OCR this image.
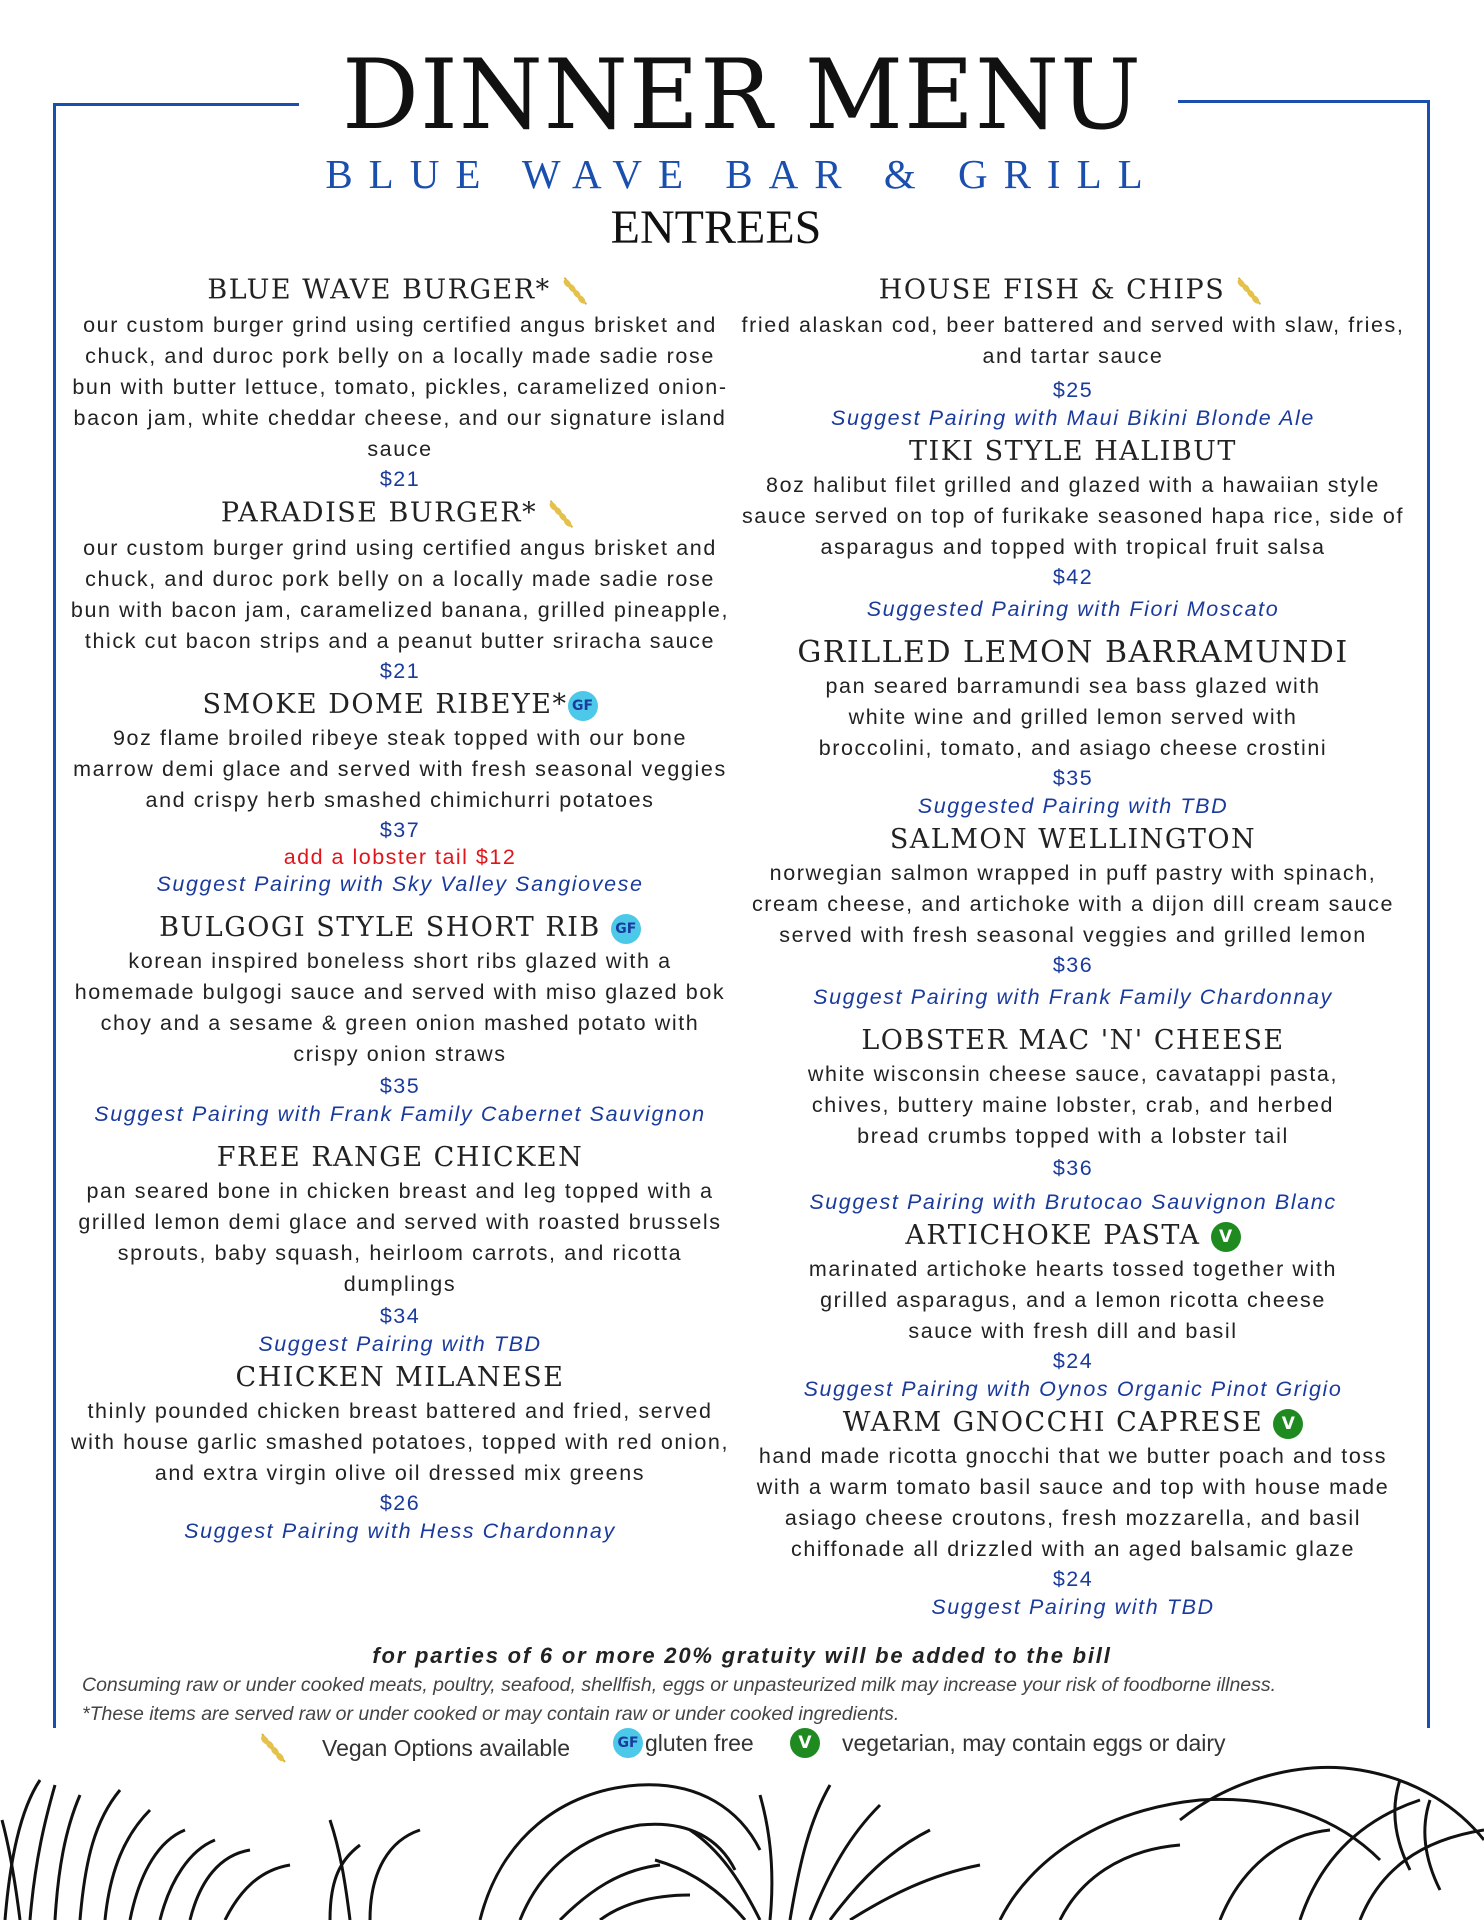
DINNER MENU
BLUE WAVE BAR & GRILL
ENTREES
BLUE WAVE BURGER*
our custom burger grind using certified angus brisket and chuck, and duroc pork belly on a locally made sadie rose bun with butter lettuce, tomato, pickles, caramelized onion-bacon jam, white cheddar cheese, and our signature island sauce
$21
PARADISE BURGER*
our custom burger grind using certified angus brisket and chuck, and duroc pork belly on a locally made sadie rose bun with bacon jam, caramelized banana, grilled pineapple, thick cut bacon strips and a peanut butter sriracha sauce
$21
SMOKE DOME RIBEYE* GF
9oz flame broiled ribeye steak topped with our bone marrow demi glace and served with fresh seasonal veggies and crispy herb smashed chimichurri potatoes
$37
add a lobster tail $12
Suggest Pairing with Sky Valley Sangiovese
BULGOGI STYLE SHORT RIB GF
korean inspired boneless short ribs glazed with a homemade bulgogi sauce and served with miso glazed bok choy and a sesame & green onion mashed potato with crispy onion straws
$35
Suggest Pairing with Frank Family Cabernet Sauvignon
FREE RANGE CHICKEN
pan seared bone in chicken breast and leg topped with a grilled lemon demi glace and served with roasted brussels sprouts, baby squash, heirloom carrots, and ricotta dumplings
$34
Suggest Pairing with TBD
CHICKEN MILANESE
thinly pounded chicken breast battered and fried, served with house garlic smashed potatoes, topped with red onion, and extra virgin olive oil dressed mix greens
$26
Suggest Pairing with Hess Chardonnay
HOUSE FISH & CHIPS
fried alaskan cod, beer battered and served with slaw, fries, and tartar sauce
$25
Suggest Pairing with Maui Bikini Blonde Ale
TIKI STYLE HALIBUT
8oz halibut filet grilled and glazed with a hawaiian style sauce served on top of furikake seasoned hapa rice, side of asparagus and topped with tropical fruit salsa
$42
Suggested Pairing with Fiori Moscato
GRILLED LEMON BARRAMUNDI
pan seared barramundi sea bass glazed with white wine and grilled lemon served with broccolini, tomato, and asiago cheese crostini
$35
Suggested Pairing with TBD
SALMON WELLINGTON
norwegian salmon wrapped in puff pastry with spinach, cream cheese, and artichoke with a dijon dill cream sauce served with fresh seasonal veggies and grilled lemon
$36
Suggest Pairing with Frank Family Chardonnay
LOBSTER MAC 'N' CHEESE
white wisconsin cheese sauce, cavatappi pasta, chives, buttery maine lobster, crab, and herbed bread crumbs topped with a lobster tail
$36
Suggest Pairing with Brutocao Sauvignon Blanc
ARTICHOKE PASTA V
marinated artichoke hearts tossed together with grilled asparagus, and a lemon ricotta cheese sauce with fresh dill and basil
$24
Suggest Pairing with Oynos Organic Pinot Grigio
WARM GNOCCHI CAPRESE V
hand made ricotta gnocchi that we butter poach and toss with a warm tomato basil sauce and top with house made asiago cheese croutons, fresh mozzarella, and basil chiffonade all drizzled with an aged balsamic glaze
$24
Suggest Pairing with TBD
for parties of 6 or more 20% gratuity will be added to the bill
Consuming raw or under cooked meats, poultry, seafood, shellfish, eggs or unpasteurized milk may increase your risk of foodborne illness.
*These items are served raw or under cooked or may contain raw or under cooked ingredients.
Vegan Options available	GF gluten free	V	vegetarian, may contain eggs or dairy
